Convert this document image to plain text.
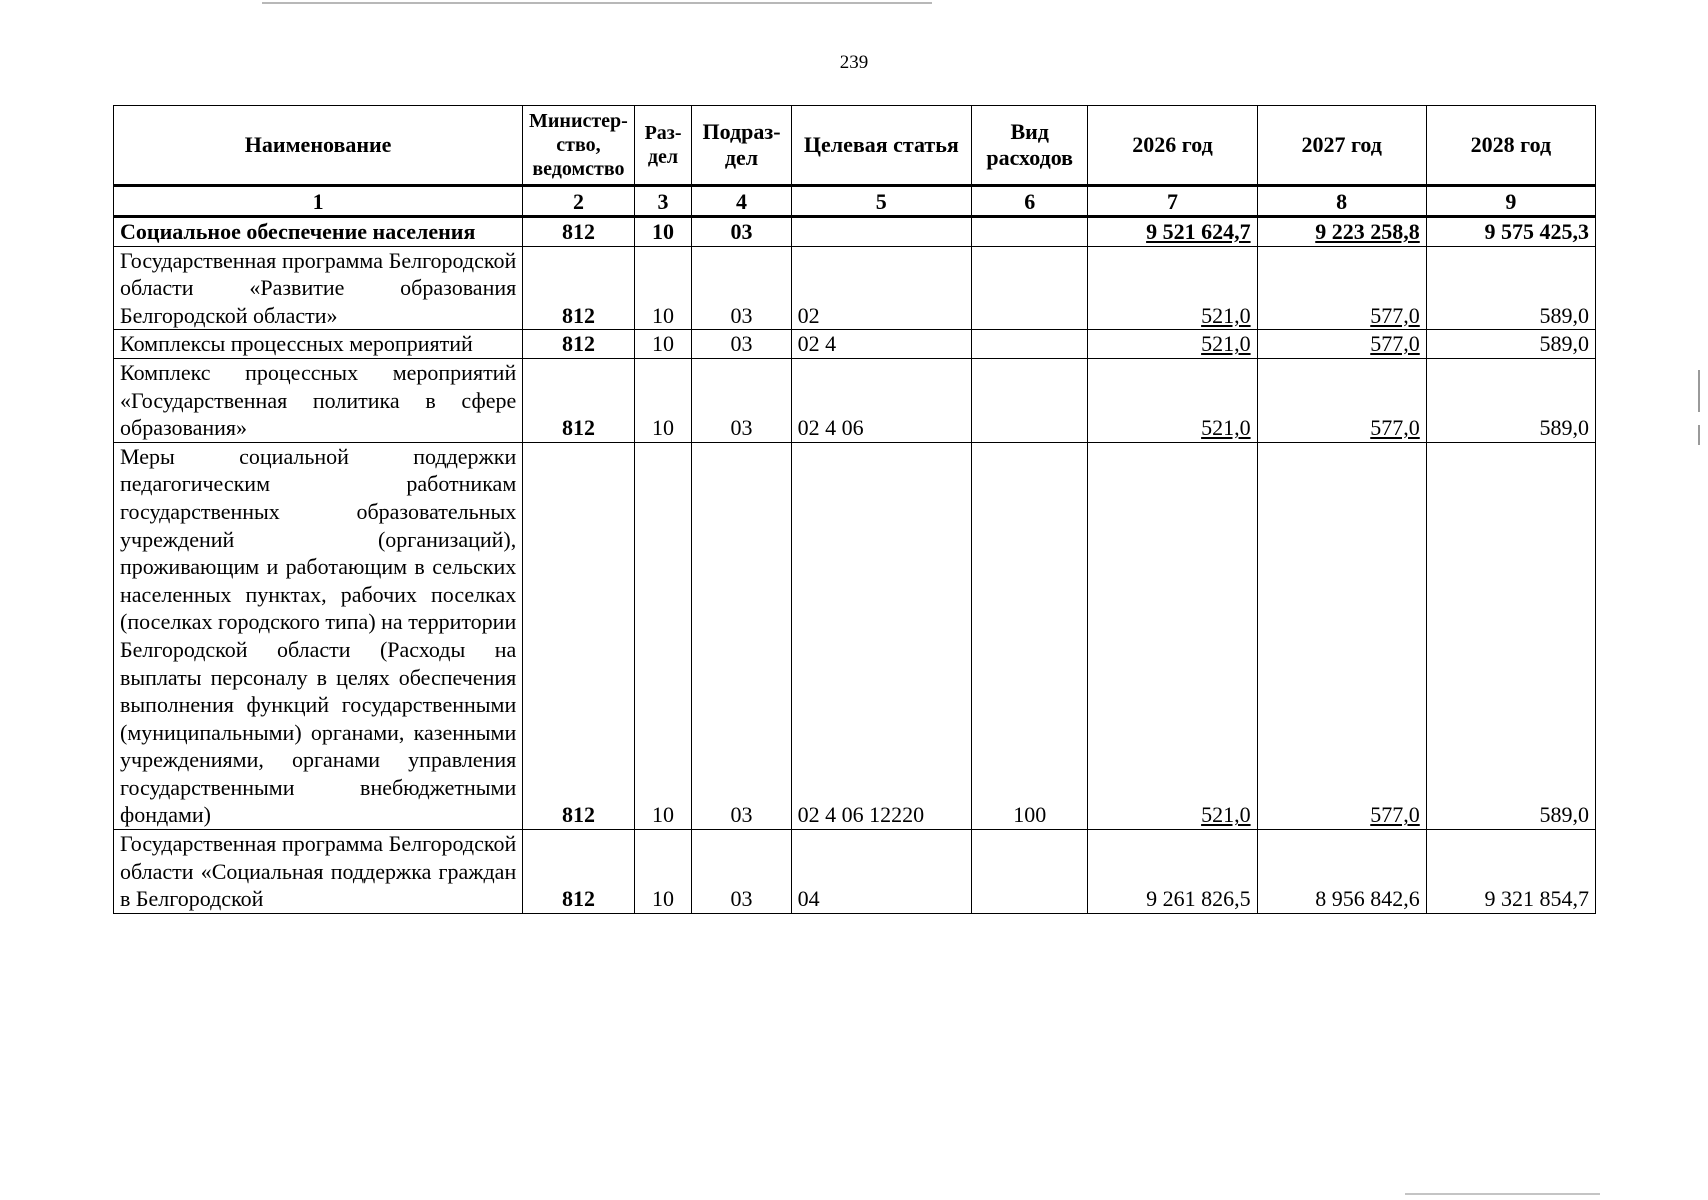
239
Наименование	Министер-ство, ведомство	Раз-дел	Подраз-дел	Целевая статья	Вид расходов	2026 год	2027 год	2028 год
1	2	3	4	5	6	7	8	9
Социальное обеспечение населения	812	10	03			9 521 624,7	9 223 258,8	9 575 425,3
Государственная программа Белгородской области «Развитие образования Белгородской области»	812	10	03	02		521,0	577,0	589,0
Комплексы процессных мероприятий	812	10	03	02 4		521,0	577,0	589,0
Комплекс процессных мероприятий «Государственная политика в сфере образования»	812	10	03	02 4 06		521,0	577,0	589,0
Меры социальной поддержки педагогическим работникам государственных образовательных учреждений (организаций), проживающим и работающим в сельских населенных пунктах, рабочих поселках (поселках городского типа) на территории Белгородской области (Расходы на выплаты персоналу в целях обеспечения выполнения функций государственными (муниципальными) органами, казенными учреждениями, органами управления государственными внебюджетными фондами)	812	10	03	02 4 06 12220	100	521,0	577,0	589,0
Государственная программа Белгородской области «Социальная поддержка граждан в Белгородской	812	10	03	04		9 261 826,5	8 956 842,6	9 321 854,7
